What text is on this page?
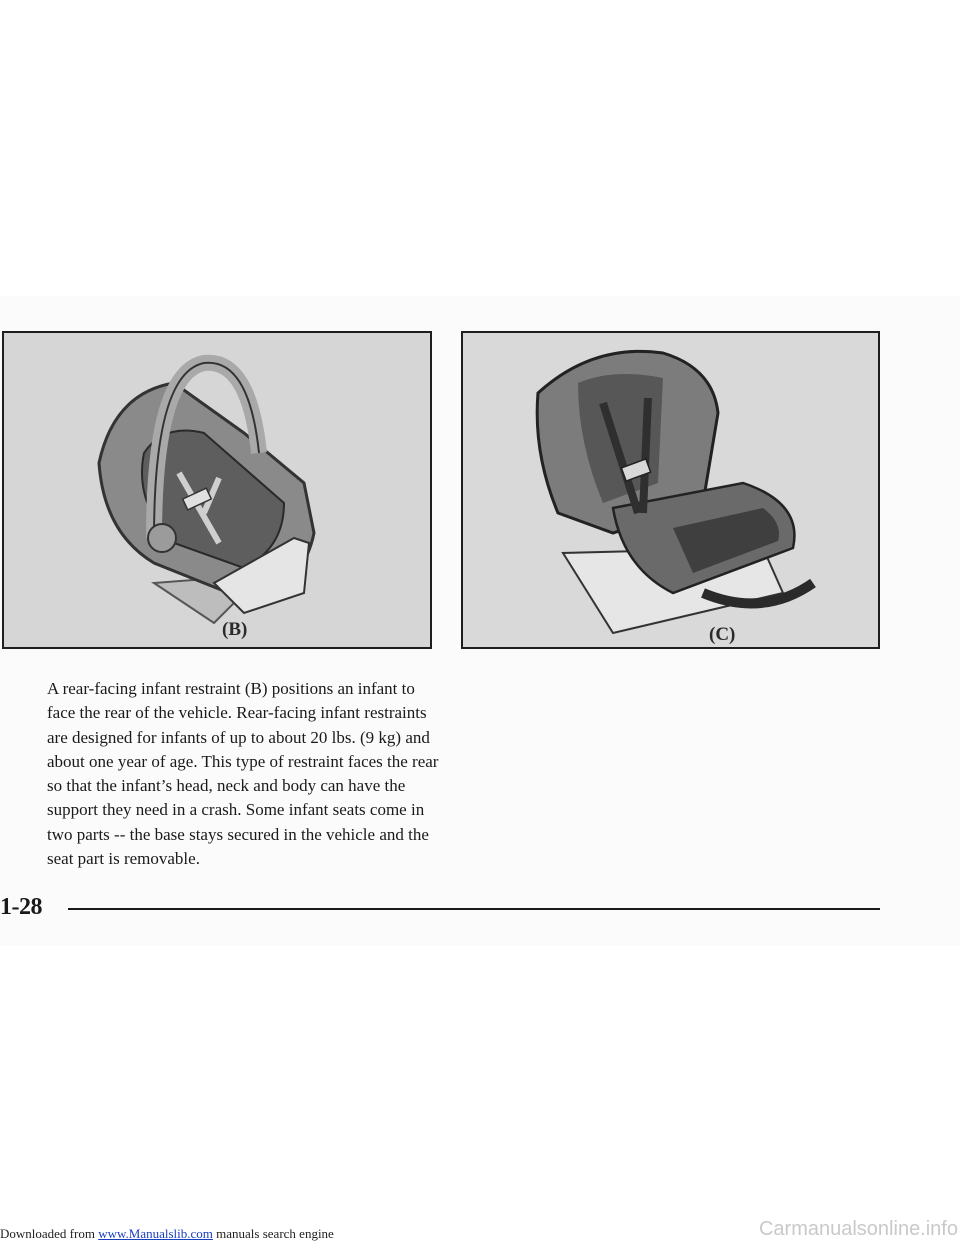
(B)	(C)

A rear-facing infant restraint (B) positions an infant to face the rear of the vehicle. Rear-facing infant restraints are designed for infants of up to about 20 lbs. (9 kg) and about one year of age. This type of restraint faces the rear so that the infant’s head, neck and body can have the support they need in a crash. Some infant seats come in two parts -- the base stays secured in the vehicle and the seat part is removable.

1-28
Downloaded from www.Manualslib.com manuals search engine	Carmanualsonline.info
